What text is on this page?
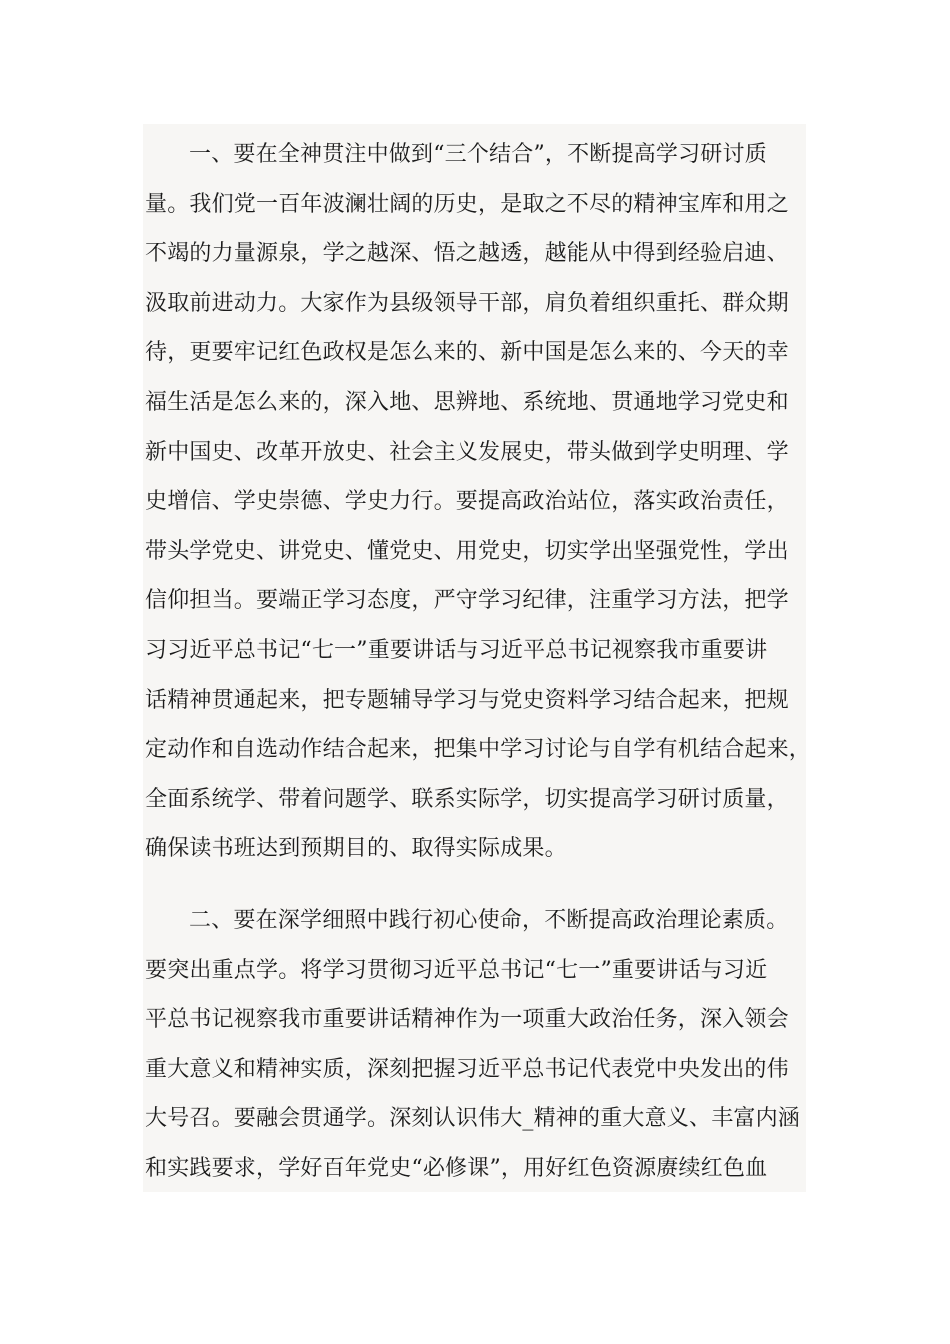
一、要在全神贯注中做到“三个结合”，不断提高学习研讨质
量。我们党一百年波澜壮阔的历史，是取之不尽的精神宝库和用之
不竭的力量源泉，学之越深、悟之越透，越能从中得到经验启迪、
汲取前进动力。大家作为县级领导干部，肩负着组织重托、群众期
待，更要牢记红色政权是怎么来的、新中国是怎么来的、今天的幸
福生活是怎么来的，深入地、思辨地、系统地、贯通地学习党史和
新中国史、改革开放史、社会主义发展史，带头做到学史明理、学
史增信、学史崇德、学史力行。要提高政治站位，落实政治责任，
带头学党史、讲党史、懂党史、用党史，切实学出坚强党性，学出
信仰担当。要端正学习态度，严守学习纪律，注重学习方法，把学
习习近平总书记“七一”重要讲话与习近平总书记视察我市重要讲
话精神贯通起来，把专题辅导学习与党史资料学习结合起来，把规
定动作和自选动作结合起来，把集中学习讨论与自学有机结合起来，
全面系统学、带着问题学、联系实际学，切实提高学习研讨质量，
确保读书班达到预期目的、取得实际成果。
二、要在深学细照中践行初心使命，不断提高政治理论素质。
要突出重点学。将学习贯彻习近平总书记“七一”重要讲话与习近
平总书记视察我市重要讲话精神作为一项重大政治任务，深入领会
重大意义和精神实质，深刻把握习近平总书记代表党中央发出的伟
大号召。要融会贯通学。深刻认识伟大_精神的重大意义、丰富内涵
和实践要求，学好百年党史“必修课”，用好红色资源赓续红色血
